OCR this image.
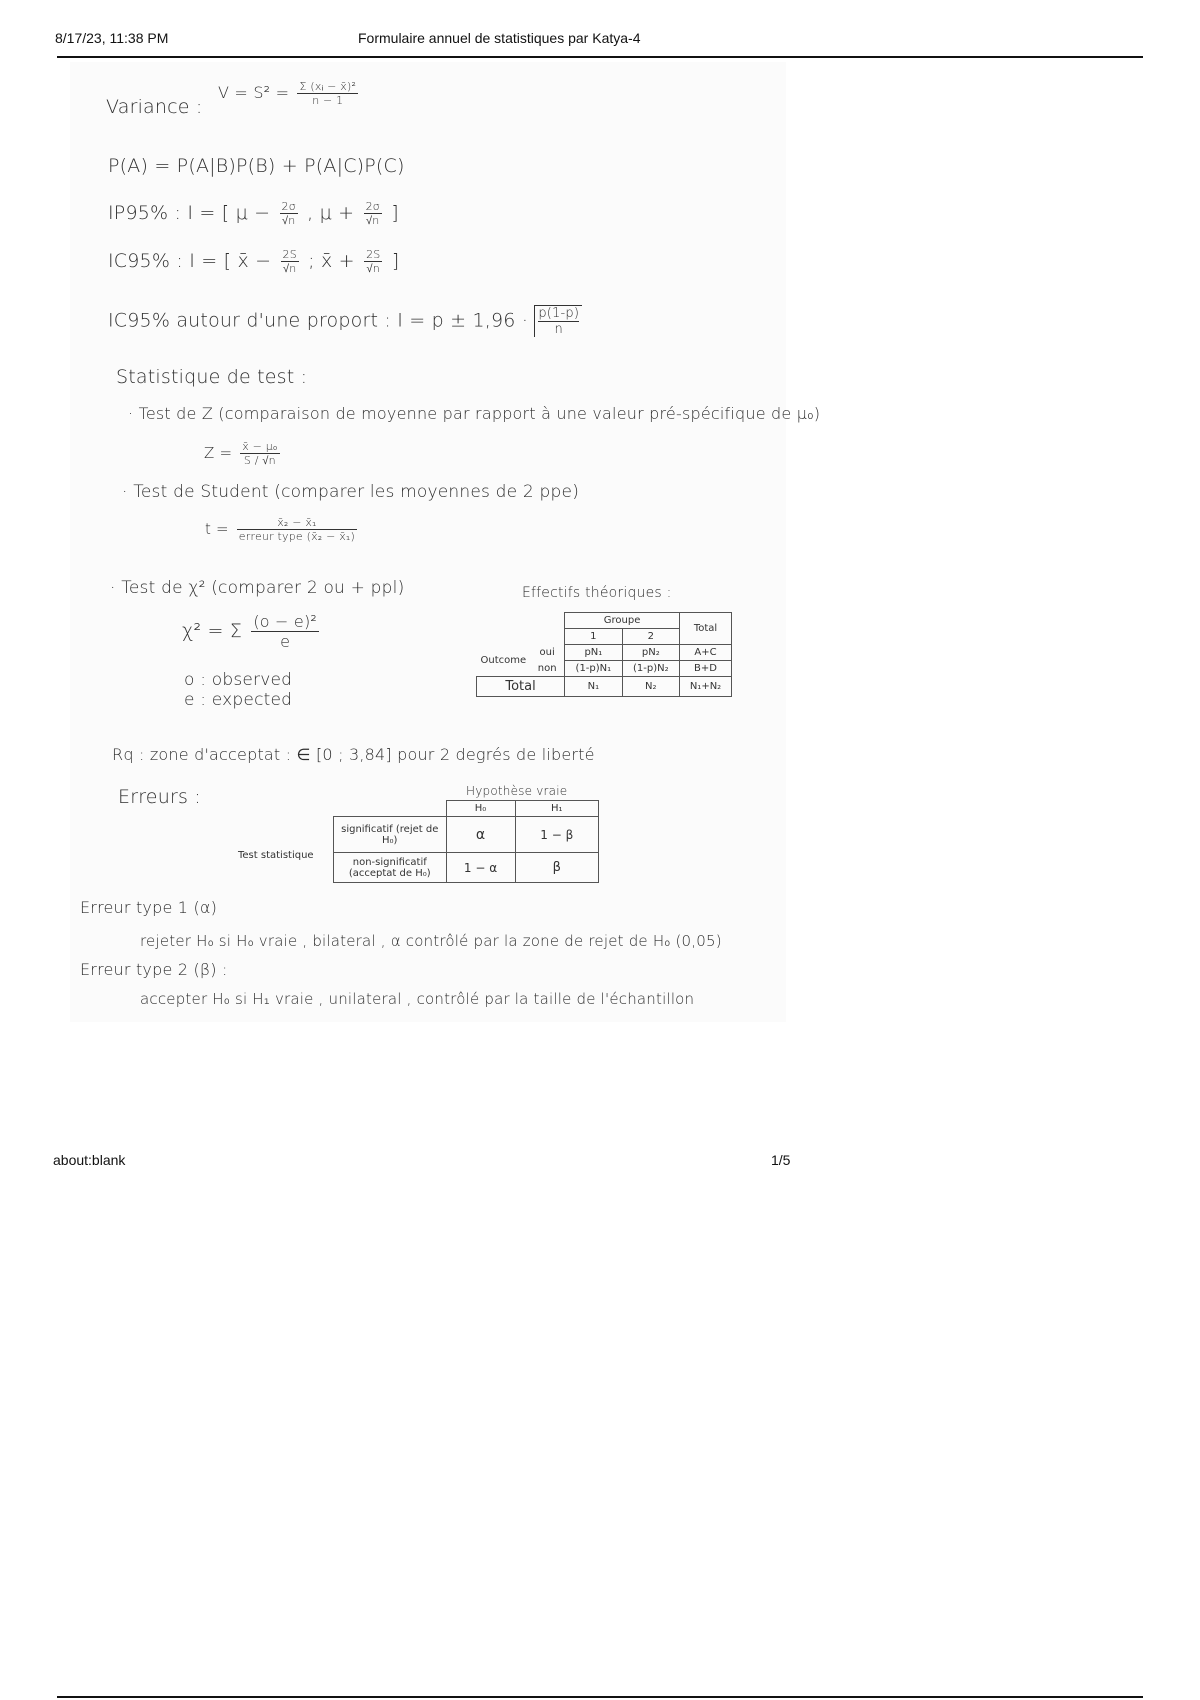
8/17/23, 11:38 PM	Formulaire annuel de statistiques par Katya-4
Variance :
$V = S^2 = \frac{\text{Σ (xᵢ − x̄)²}}{n - 1}$
P(A) = P(A|B)P(B) + P(A|C)P(C)
IP95% : I = [ $\mu - \frac{2\sigma}{√n}$ , $\mu + \frac{2\sigma}{√n}$ ]
IC95% : I = [ x̄ − $\frac{2S}{√n}$ ; x̄ + $\frac{2S}{√n}$ ]
IC95% autour d'une proport : $I = p \pm 1,96 \cdot \frac{p(1-p)}{n}$
Statistique de test :
· Test de Z (comparaison de moyenne par rapport à une valeur pré-spécifique de μ₀)
$Z = \frac{\text{x̄ − μ₀}}{S / √n}$
· Test de Student (comparer les moyennes de 2 ppe)
$t = \frac{\text{x̄₂ − x̄₁}}{\text{erreur type (x̄₂ − x̄₁)}}$
· Test de χ² (comparer 2 ou + ppl)
χ² = Σ $\frac{\text{(o − e)²}}{e}$
o : observed
e : expected
Effectifs théoriques :
		Groupe		Total
		1	2	
Outcome	oui	pN₁	pN₂	A+C
	non	(1-p)N₁	(1-p)N₂	B+D
Total		N₁	N₂	N₁+N₂
Rq : zone d'acceptat : ∈ [0 ; 3,84] pour 2 degrés de liberté
Erreurs :	Hypothèse vraie
Test statistique
	H₀	H₁
significatif (rejet de H₀)	α	1 − β
non-significatif (acceptat de H₀)	1 − α	β
Erreur type 1 (α)
rejeter H₀ si H₀ vraie , bilateral , α contrôlé par la zone de rejet de H₀ (0,05)
Erreur type 2 (β) :
accepter H₀ si H₁ vraie , unilateral , contrôlé par la taille de l'échantillon
about:blank	1/5
